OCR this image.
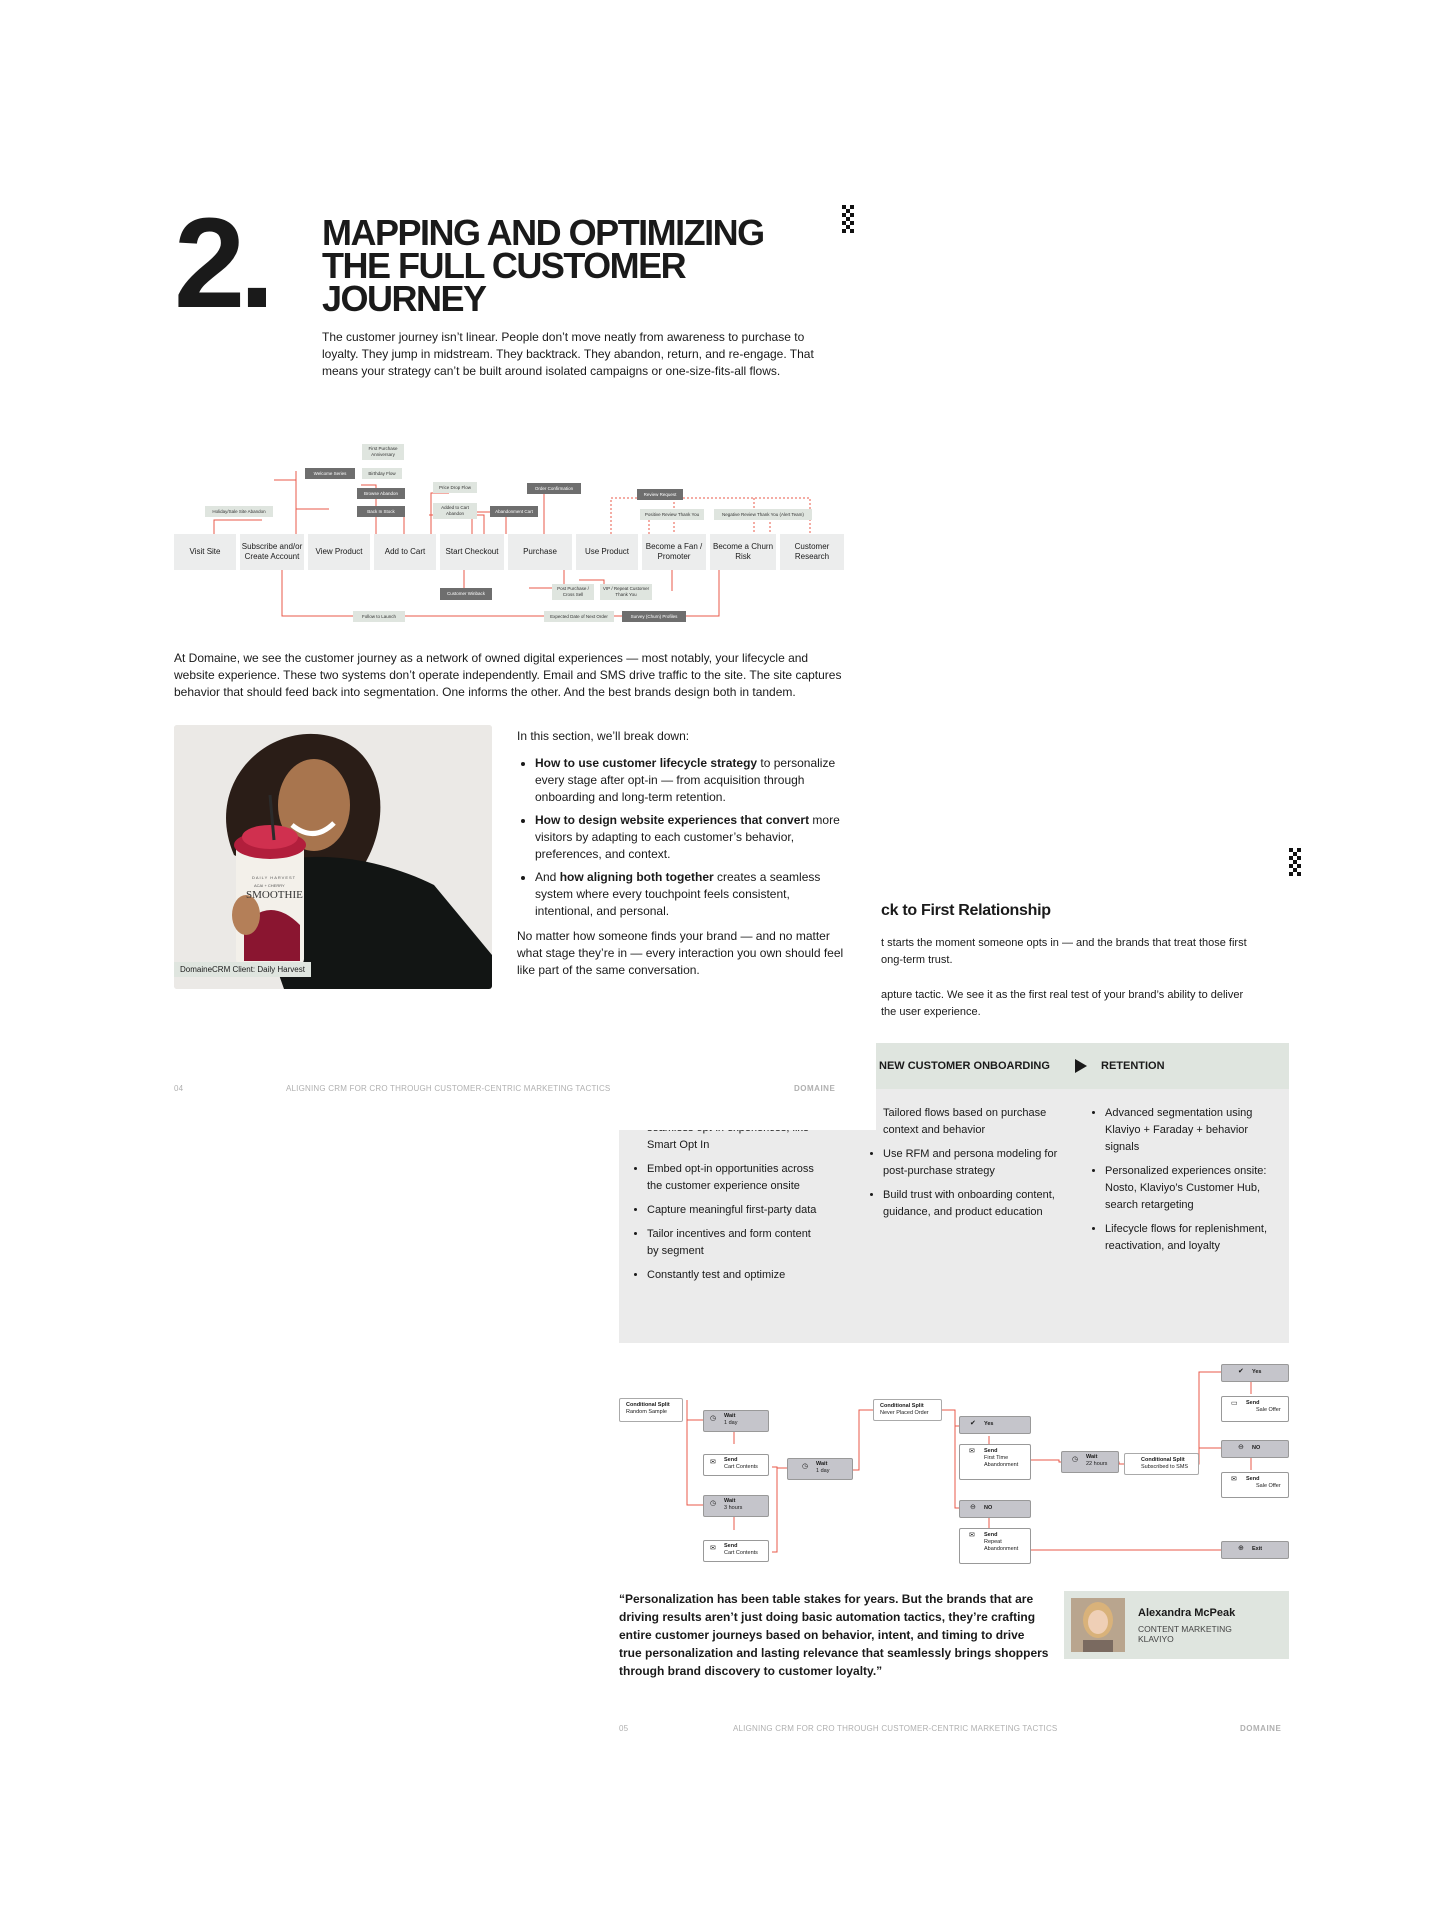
ck to First Relationship
t starts the moment someone opts in — and the brands that treat those first
ong-term trust.
apture tactic. We see it as the first real test of your brand’s ability to deliver
the user experience.
NEW CUSTOMER ONBOARDING	RETENTION
• Smart Opt In
• Embed opt-in opportunities across the customer experience onsite
• Capture meaningful first-party data
• Tailor incentives and form content by segment
• Constantly test and optimize
• Tailored flows based on purchase context and behavior
• Use RFM and persona modeling for post-purchase strategy
• Build trust with onboarding content, guidance, and product education
• Advanced segmentation using Klaviyo + Faraday + behavior signals
• Personalized experiences onsite: Nosto, Klaviyo’s Customer Hub, search retargeting
• Lifecycle flows for replenishment, reactivation, and loyalty
Conditional Split
Random Sample
◷ Wait
1 day
✉ Send
Cart Contents
◷ Wait
3 hours
✉ Send
Cart Contents
◷ Wait
1 day
Conditional Split
Never Placed Order
✔ Yes
✉ Send
First Time Abandonment
⊖ NO
✉ Send
Repeat Abandonment
◷ Wait
22 hours
Conditional Split
Subscribed to SMS
✔ Yes
▭ Send
Sale Offer
⊖ NO
✉ Send
Sale Offer
⊕ Exit
“Personalization has been table stakes for years. But the brands that are driving results aren’t just doing basic automation tactics, they’re crafting entire customer journeys based on behavior, intent, and timing to drive true personalization and lasting relevance that seamlessly brings shoppers through brand discovery to customer loyalty.”
Alexandra McPeak
CONTENT MARKETING
KLAVIYO
05	ALIGNING CRM FOR CRO THROUGH CUSTOMER-CENTRIC MARKETING TACTICS	DOMAINE
2. MAPPING AND OPTIMIZING THE FULL CUSTOMER JOURNEY
The customer journey isn’t linear. People don’t move neatly from awareness to purchase to loyalty. They jump in midstream. They backtrack. They abandon, return, and re-engage. That means your strategy can’t be built around isolated campaigns or one-size-fits-all flows.
Visit Site
Subscribe and/or Create Account
View Product	Add to Cart	Start Checkout	Purchase	Use Product
Become a Fan / Promoter
Become a Churn Risk
Customer Research
First Purchase Anniversary
Welcome Series	Birthday Flow
Browse Abandon
Back In Stock
Price Drop Flow
Added to Cart Abandon	Abandonment Cart
Order Confirmation
Review Request
Positive Review Thank You	Negative Review Thank You (Alert Team)
Holiday/Sale Site Abandon
Customer Winback
Post Purchase / Cross Sell
VIP / Repeat Customer Thank You
Follow to Launch	Expected Date of Next Order	Survey (Churn) Profiles
At Domaine, we see the customer journey as a network of owned digital experiences — most notably, your lifecycle and website experience. These two systems don’t operate independently. Email and SMS drive traffic to the site. The site captures behavior that should feed back into segmentation. One informs the other. And the best brands design both in tandem.
DAILY HARVEST
ACAI + CHERRY
SMOOTHIE
DomaineCRM Client: Daily Harvest
In this section, we’ll break down:
• How to use customer lifecycle strategy to personalize every stage after opt-in — from acquisition through onboarding and long-term retention.
• How to design website experiences that convert more visitors by adapting to each customer’s behavior, preferences, and context.
• And how aligning both together creates a seamless system where every touchpoint feels consistent, intentional, and personal.
No matter how someone finds your brand — and no matter what stage they’re in — every interaction you own should feel like part of the same conversation.
04	ALIGNING CRM FOR CRO THROUGH CUSTOMER-CENTRIC MARKETING TACTICS	DOMAINE
